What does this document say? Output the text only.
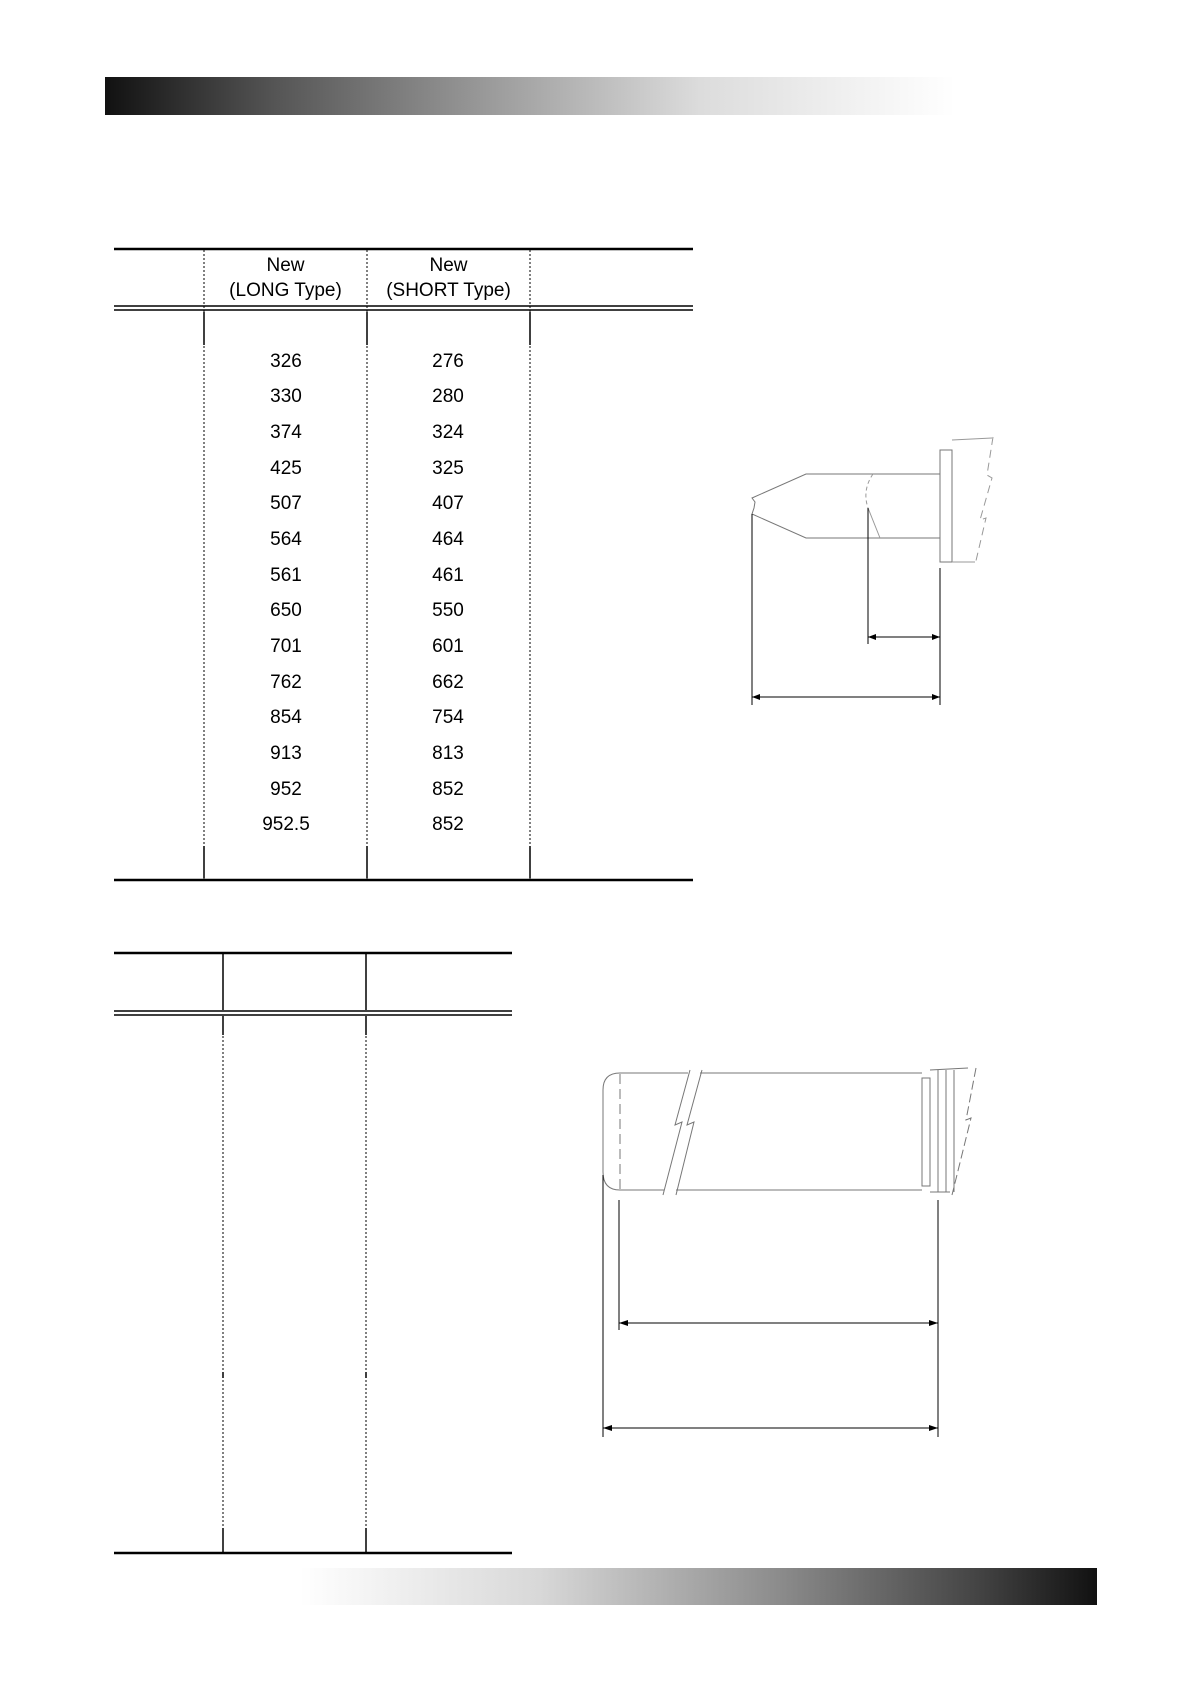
New
(LONG Type)
New
(SHORT Type)
326
330
374
425
507
564
561
650
701
762
854
913
952
952.5
276
280
324
325
407
464
461
550
601
662
754
813
852
852
